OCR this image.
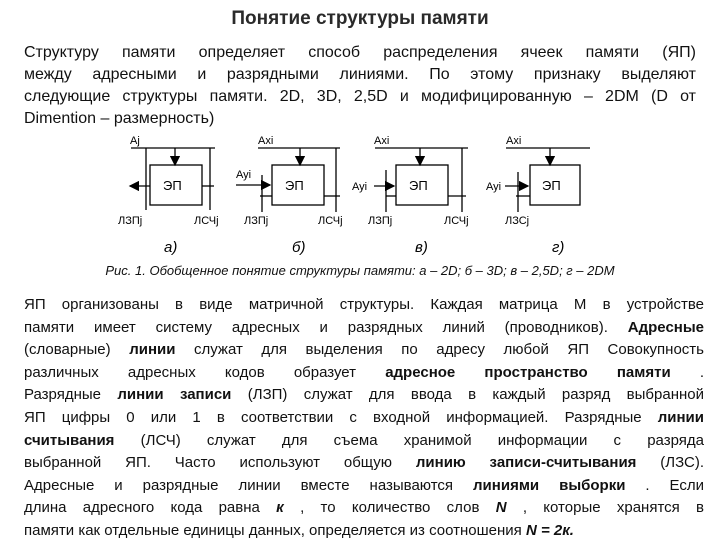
Понятие структуры памяти
Структуру памяти определяет способ распределения ячеек памяти (ЯП)
между адресными и разрядными линиями. По этому признаку выделяют
следующие структуры памяти. 2D, 3D, 2,5D и модифицированную – 2DM (D от
Dimention – размерность)
Aj
ЭП
ЛЗПj	ЛСЧj
а)
Axi
Ayi
ЭП
ЛЗПj	ЛСЧj
б)
Axi
Ayi	ЭП
ЛЗПj	ЛСЧj
в)
Axi
Ayi	ЭП
ЛЗСj
г)
Рис. 1. Обобщенное понятие структуры памяти: а – 2D; б – 3D; в – 2,5D; г – 2DM
ЯП организованы в виде матричной структуры. Каждая матрица М в устройстве
памяти имеет систему адресных и разрядных линий (проводников). Адресные
(словарные) линии служат для выделения по адресу любой ЯП Совокупность
различных адресных кодов образует адресное пространство памяти .
Разрядные линии записи (ЛЗП) служат для ввода в каждый разряд выбранной
ЯП цифры 0 или 1 в соответствии с входной информацией. Разрядные линии
считывания (ЛСЧ) служат для съема хранимой информации с разряда
выбранной ЯП. Часто используют общую линию записи-считывания (ЛЗС).
Адресные и разрядные линии вместе называются линиями выборки . Если
длина адресного кода равна к , то количество слов N , которые хранятся в
памяти как отдельные единицы данных, определяется из соотношения N = 2к.
